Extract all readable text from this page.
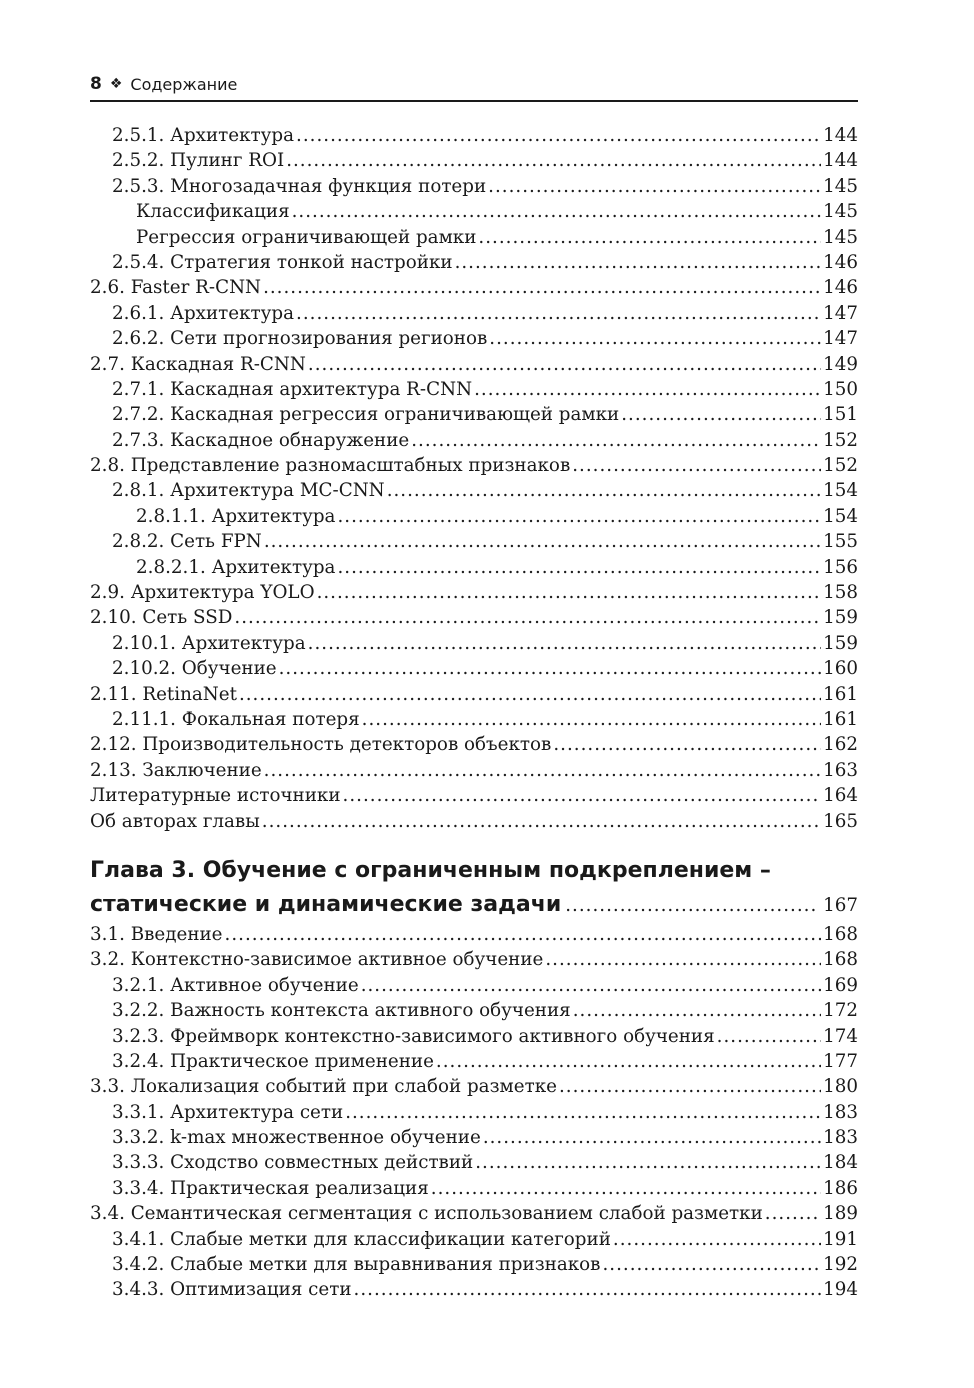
8 ❖ Содержание
2.5.1. Архитектура .....	144
2.5.2. Пулинг ROI .....	144
2.5.3. Многозадачная функция потери .....	145
Классификация .....	145
Регрессия ограничивающей рамки .....	145
2.5.4. Стратегия тонкой настройки .....	146
2.6. Faster R-CNN .....	146
2.6.1. Архитектура .....	147
2.6.2. Сети прогнозирования регионов .....	147
2.7. Каскадная R-CNN .....	149
2.7.1. Каскадная архитектура R-CNN .....	150
2.7.2. Каскадная регрессия ограничивающей рамки .....	151
2.7.3. Каскадное обнаружение .....	152
2.8. Представление разномасштабных признаков .....	152
2.8.1. Архитектура MC-CNN .....	154
2.8.1.1. Архитектура .....	154
2.8.2. Сеть FPN .....	155
2.8.2.1. Архитектура .....	156
2.9. Архитектура YOLO .....	158
2.10. Сеть SSD .....	159
2.10.1. Архитектура .....	159
2.10.2. Обучение .....	160
2.11. RetinaNet .....	161
2.11.1. Фокальная потеря .....	161
2.12. Производительность детекторов объектов .....	162
2.13. Заключение .....	163
Литературные источники .....	164
Об авторах главы .....	165
Глава 3. Обучение с ограниченным подкреплением –
статические и динамические задачи .....	167
3.1. Введение .....	168
3.2. Контекстно-зависимое активное обучение .....	168
3.2.1. Активное обучение .....	169
3.2.2. Важность контекста активного обучения .....	172
3.2.3. Фреймворк контекстно-зависимого активного обучения .....	174
3.2.4. Практическое применение .....	177
3.3. Локализация событий при слабой разметке .....	180
3.3.1. Архитектура сети .....	183
3.3.2. k-max множественное обучение .....	183
3.3.3. Сходство совместных действий .....	184
3.3.4. Практическая реализация .....	186
3.4. Семантическая сегментация с использованием слабой разметки .....	189
3.4.1. Слабые метки для классификации категорий .....	191
3.4.2. Слабые метки для выравнивания признаков .....	192
3.4.3. Оптимизация сети .....	194
